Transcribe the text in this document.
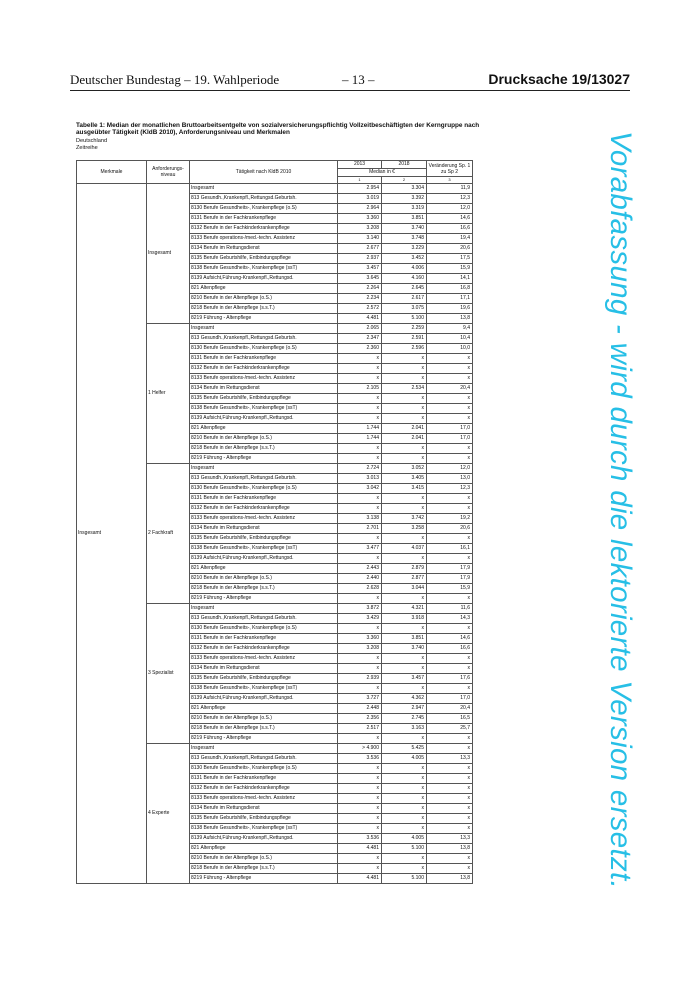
Deutscher Bundestag – 19. Wahlperiode	– 13 –	Drucksache 19/13027
Tabelle 1: Median der monatlichen Bruttoarbeitsentgelte von sozialversicherungspflichtig Vollzeitbeschäftigten der Kerngruppe nach ausgeübter Tätigkeit (KldB 2010), Anforderungsniveau und Merkmalen
Deutschland
Zeitreihe
Merkmale	Anforderungs-niveau	Tätigkeit nach KldB 2010	2013	2018	Veränderung Sp. 1 zu Sp 2
			Median in €		
			1	2	3
Insgesamt	Insgesamt	Insgesamt	2.954	3.304	11,9
		813 Gesundh.,Krankenpfl.,Rettungsd.Geburtsh.	3.019	3.392	12,3
		8130 Berufe Gesundheits-, Krankenpflege (o.S)	2.964	3.319	12,0
		8131 Berufe in der Fachkrankenpflege	3.360	3.851	14,6
		8132 Berufe in der Fachkinderkrankenpflege	3.208	3.740	16,6
		8133 Berufe operations-/med.-techn. Assistenz	3.140	3.748	19,4
		8134 Berufe im Rettungsdienst	2.677	3.229	20,6
		8135 Berufe Geburtshilfe, Entbindungspflege	2.937	3.452	17,5
		8138 Berufe Gesundheits-, Krankenpflege (ssT)	3.457	4.006	15,9
		8139 Aufsicht,Führung-Krankenpfl.,Rettungsd.	3.645	4.160	14,1
		821 Altenpflege	2.264	2.645	16,8
		8210 Berufe in der Altenpflege (o.S.)	2.234	2.617	17,1
		8218 Berufe in der Altenpflege (s.s.T.)	2.572	3.075	19,6
		8219 Führung - Altenpflege	4.481	5.100	13,8
	1 Helfer	Insgesamt	2.065	2.259	9,4
		813 Gesundh.,Krankenpfl.,Rettungsd.Geburtsh.	2.347	2.591	10,4
		8130 Berufe Gesundheits-, Krankenpflege (o.S)	2.360	2.596	10,0
		8131 Berufe in der Fachkrankenpflege	x	x	x
		8132 Berufe in der Fachkinderkrankenpflege	x	x	x
		8133 Berufe operations-/med.-techn. Assistenz	x	x	x
		8134 Berufe im Rettungsdienst	2.105	2.534	20,4
		8135 Berufe Geburtshilfe, Entbindungspflege	x	x	x
		8138 Berufe Gesundheits-, Krankenpflege (ssT)	x	x	x
		8139 Aufsicht,Führung-Krankenpfl.,Rettungsd.	x	x	x
		821 Altenpflege	1.744	2.041	17,0
		8210 Berufe in der Altenpflege (o.S.)	1.744	2.041	17,0
		8218 Berufe in der Altenpflege (s.s.T.)	x	x	x
		8219 Führung - Altenpflege	x	x	x
	2 Fachkraft	Insgesamt	2.724	3.052	12,0
		813 Gesundh.,Krankenpfl.,Rettungsd.Geburtsh.	3.013	3.405	13,0
		8130 Berufe Gesundheits-, Krankenpflege (o.S)	3.042	3.415	12,3
		8131 Berufe in der Fachkrankenpflege	x	x	x
		8132 Berufe in der Fachkinderkrankenpflege	x	x	x
		8133 Berufe operations-/med.-techn. Assistenz	3.138	3.742	19,2
		8134 Berufe im Rettungsdienst	2.701	3.258	20,6
		8135 Berufe Geburtshilfe, Entbindungspflege	x	x	x
		8138 Berufe Gesundheits-, Krankenpflege (ssT)	3.477	4.037	16,1
		8139 Aufsicht,Führung-Krankenpfl.,Rettungsd.	x	x	x
		821 Altenpflege	2.443	2.879	17,9
		8210 Berufe in der Altenpflege (o.S.)	2.440	2.877	17,9
		8218 Berufe in der Altenpflege (s.s.T.)	2.628	3.044	15,9
		8219 Führung - Altenpflege	x	x	x
	3 Spezialist	Insgesamt	3.872	4.321	11,6
		813 Gesundh.,Krankenpfl.,Rettungsd.Geburtsh.	3.429	3.918	14,3
		8130 Berufe Gesundheits-, Krankenpflege (o.S)	x	x	x
		8131 Berufe in der Fachkrankenpflege	3.360	3.851	14,6
		8132 Berufe in der Fachkinderkrankenpflege	3.208	3.740	16,6
		8133 Berufe operations-/med.-techn. Assistenz	x	x	x
		8134 Berufe im Rettungsdienst	x	x	x
		8135 Berufe Geburtshilfe, Entbindungspflege	2.939	3.457	17,6
		8138 Berufe Gesundheits-, Krankenpflege (ssT)	x	x	x
		8139 Aufsicht,Führung-Krankenpfl.,Rettungsd.	3.727	4.362	17,0
		821 Altenpflege	2.448	2.947	20,4
		8210 Berufe in der Altenpflege (o.S.)	2.356	2.745	16,5
		8218 Berufe in der Altenpflege (s.s.T.)	2.517	3.163	25,7
		8219 Führung - Altenpflege	x	x	x
	4 Experte	Insgesamt	> 4.900	5.425	x
		813 Gesundh.,Krankenpfl.,Rettungsd.Geburtsh.	3.536	4.005	13,3
		8130 Berufe Gesundheits-, Krankenpflege (o.S)	x	x	x
		8131 Berufe in der Fachkrankenpflege	x	x	x
		8132 Berufe in der Fachkinderkrankenpflege	x	x	x
		8133 Berufe operations-/med.-techn. Assistenz	x	x	x
		8134 Berufe im Rettungsdienst	x	x	x
		8135 Berufe Geburtshilfe, Entbindungspflege	x	x	x
		8138 Berufe Gesundheits-, Krankenpflege (ssT)	x	x	x
		8139 Aufsicht,Führung-Krankenpfl.,Rettungsd.	3.536	4.005	13,3
		821 Altenpflege	4.481	5.100	13,8
		8210 Berufe in der Altenpflege (o.S.)	x	x	x
		8218 Berufe in der Altenpflege (s.s.T.)	x	x	x
		8219 Führung - Altenpflege	4.481	5.100	13,8	Vorabfassung - wird durch die lektorierte Version ersetzt.
